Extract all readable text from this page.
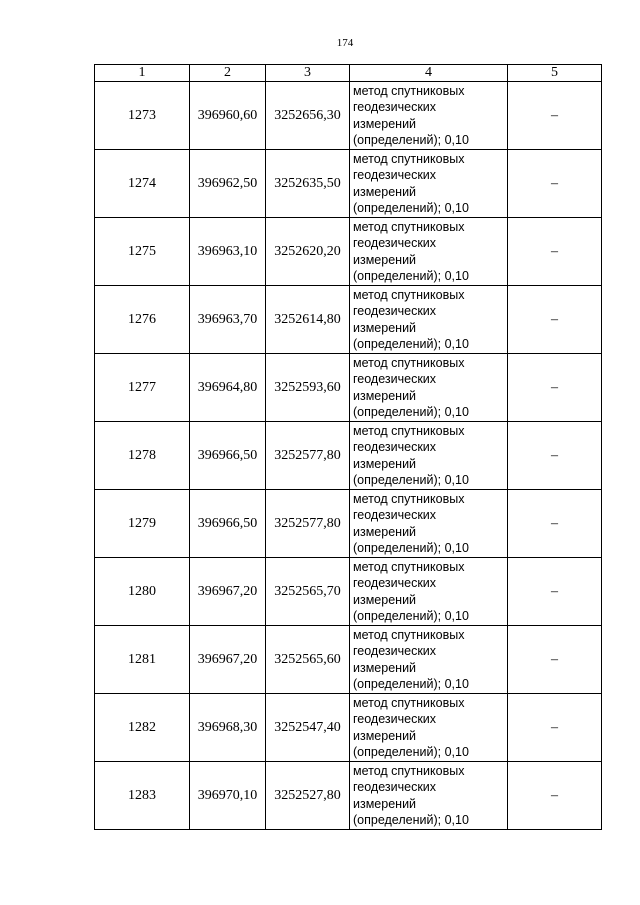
174
1	2	3	4	5
1273	396960,60	3252656,30	метод спутниковых
геодезических
измерений
(определений); 0,10	–
1274	396962,50	3252635,50	метод спутниковых
геодезических
измерений
(определений); 0,10	–
1275	396963,10	3252620,20	метод спутниковых
геодезических
измерений
(определений); 0,10	–
1276	396963,70	3252614,80	метод спутниковых
геодезических
измерений
(определений); 0,10	–
1277	396964,80	3252593,60	метод спутниковых
геодезических
измерений
(определений); 0,10	–
1278	396966,50	3252577,80	метод спутниковых
геодезических
измерений
(определений); 0,10	–
1279	396966,50	3252577,80	метод спутниковых
геодезических
измерений
(определений); 0,10	–
1280	396967,20	3252565,70	метод спутниковых
геодезических
измерений
(определений); 0,10	–
1281	396967,20	3252565,60	метод спутниковых
геодезических
измерений
(определений); 0,10	–
1282	396968,30	3252547,40	метод спутниковых
геодезических
измерений
(определений); 0,10	–
1283	396970,10	3252527,80	метод спутниковых
геодезических
измерений
(определений); 0,10	–
